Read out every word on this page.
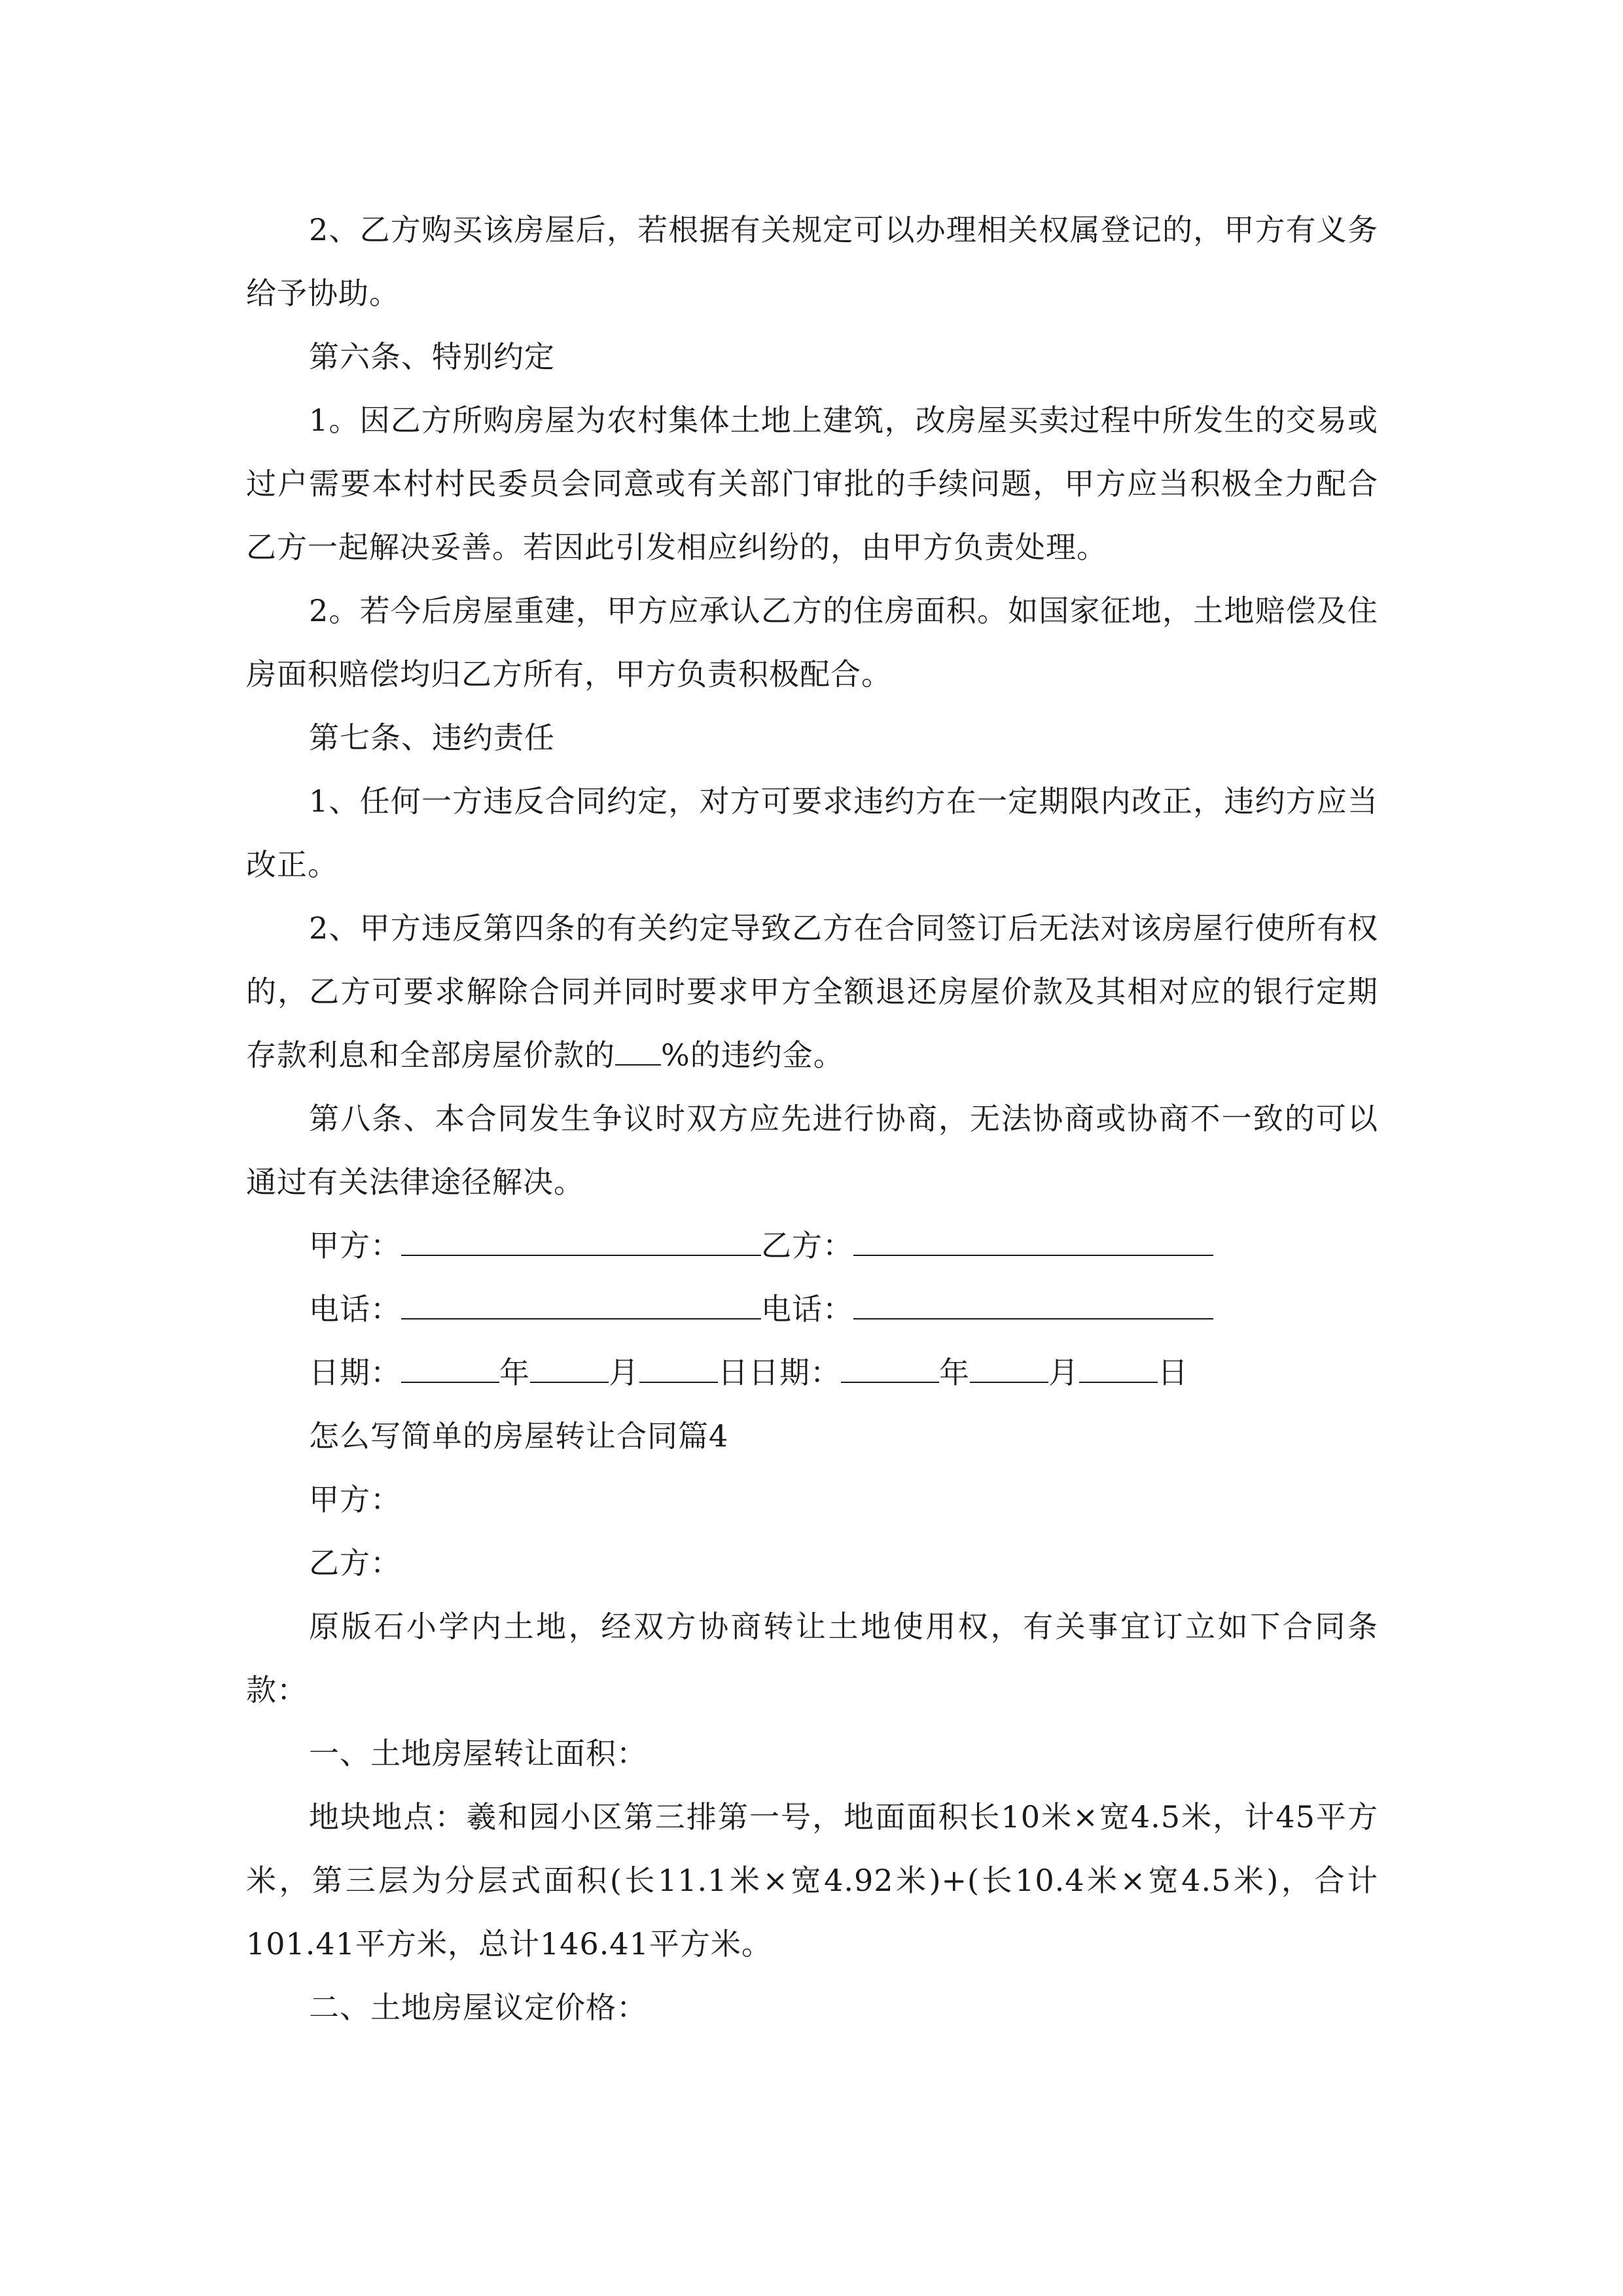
2、乙方购买该房屋后，若根据有关规定可以办理相关权属登记的，甲方有义务给予协助。

第六条、特别约定

1。因乙方所购房屋为农村集体土地上建筑，改房屋买卖过程中所发生的交易或过户需要本村村民委员会同意或有关部门审批的手续问题，甲方应当积极全力配合乙方一起解决妥善。若因此引发相应纠纷的，由甲方负责处理。

2。若今后房屋重建，甲方应承认乙方的住房面积。如国家征地，土地赔偿及住房面积赔偿均归乙方所有，甲方负责积极配合。

第七条、违约责任

1、任何一方违反合同约定，对方可要求违约方在一定期限内改正，违约方应当改正。

2、甲方违反第四条的有关约定导致乙方在合同签订后无法对该房屋行使所有权的，乙方可要求解除合同并同时要求甲方全额退还房屋价款及其相对应的银行定期存款利息和全部房屋价款的 %的违约金。

第八条、本合同发生争议时双方应先进行协商，无法协商或协商不一致的可以通过有关法律途径解决。

甲方：	乙方：
电话：	电话：
日期：	年	月	日 日期：	年	月	日

怎么写简单的房屋转让合同篇4

甲方：

乙方：

原版石小学内土地，经双方协商转让土地使用权，有关事宜订立如下合同条款：

一、土地房屋转让面积：

地块地点：羲和园小区第三排第一号，地面面积长10米×宽4.5米，计45平方米，第三层为分层式面积(长11.1米×宽4.92米)+(长10.4米×宽4.5米)，合计101.41平方米，总计146.41平方米。

二、土地房屋议定价格：
